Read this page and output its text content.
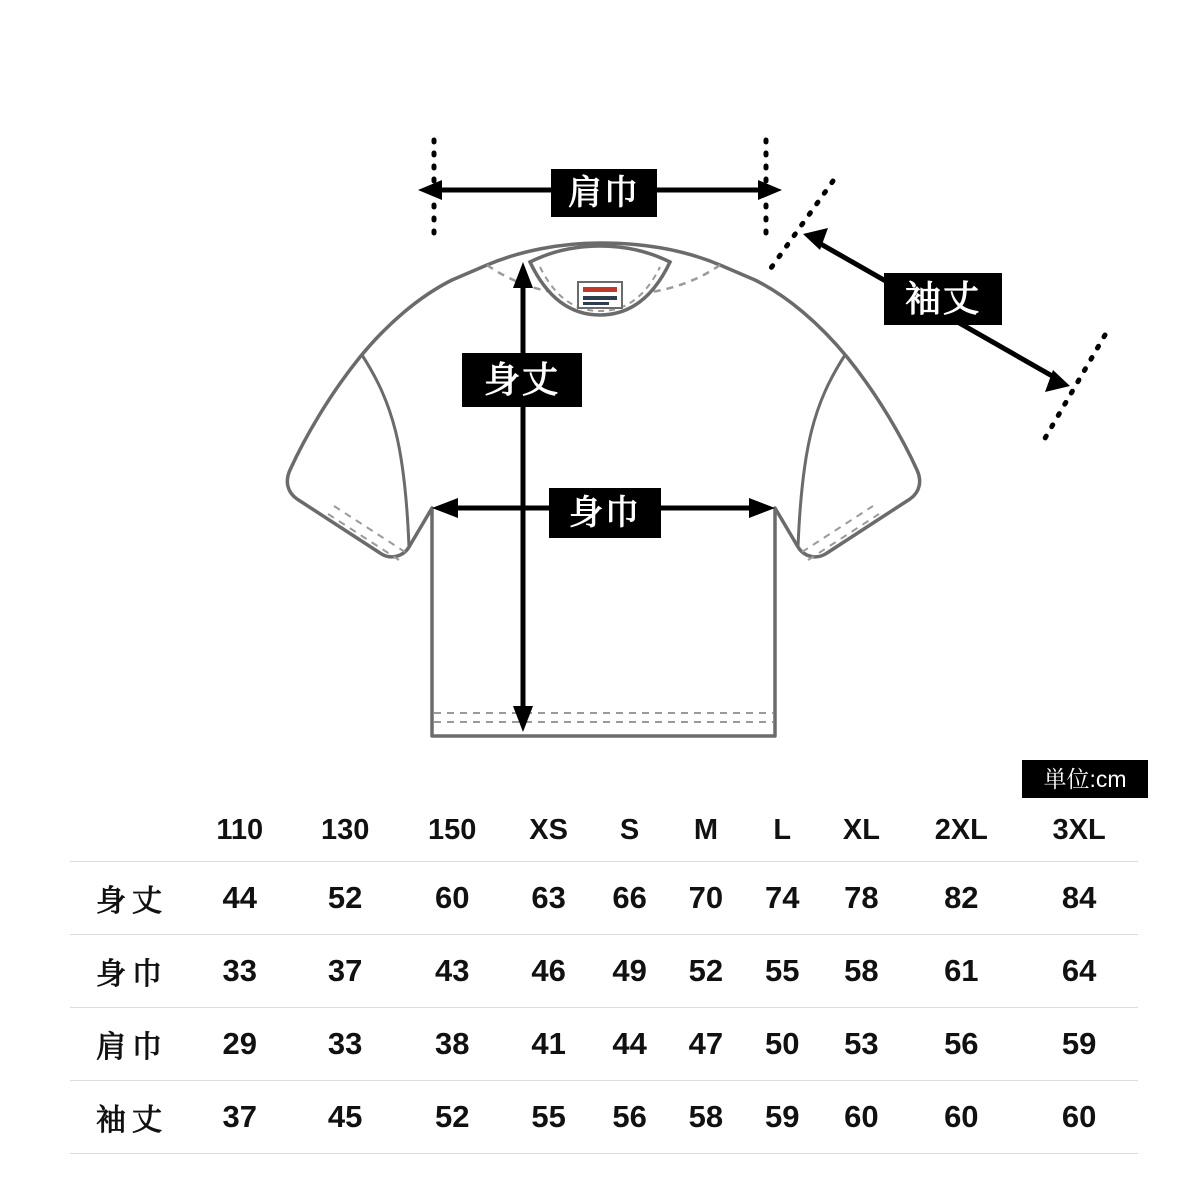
肩巾
袖丈
身丈
身巾
単位:cm
	110	130	150	XS	S	M	L	XL	2XL	3XL
身丈	44	52	60	63	66	70	74	78	82	84
身巾	33	37	43	46	49	52	55	58	61	64
肩巾	29	33	38	41	44	47	50	53	56	59
袖丈	37	45	52	55	56	58	59	60	60	60
